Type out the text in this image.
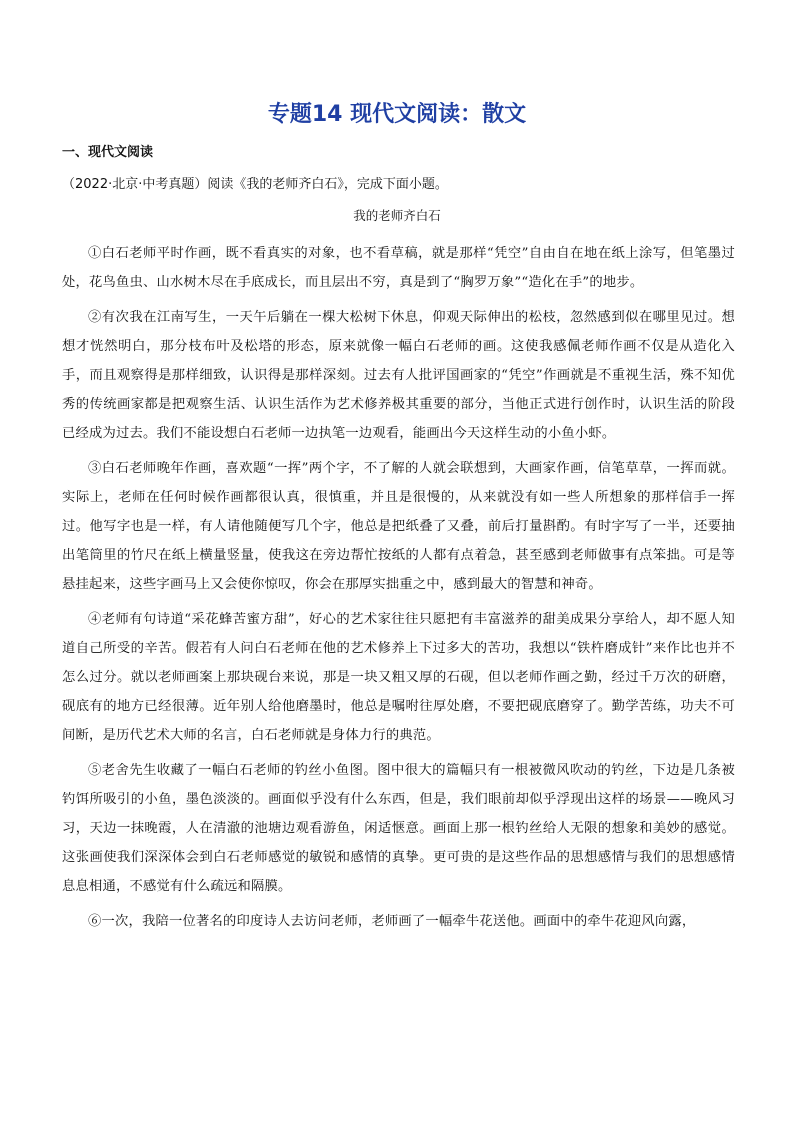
专题14 现代文阅读：散文
一、现代文阅读
（2022·北京·中考真题）阅读《我的老师齐白石》，完成下面小题。
我的老师齐白石

①白石老师平时作画，既不看真实的对象，也不看草稿，就是那样“凭空”自由自在地在纸上涂写，但笔墨过处，花鸟鱼虫、山水树木尽在手底成长，而且层出不穷，真是到了“胸罗万象”“造化在手”的地步。

②有次我在江南写生，一天午后躺在一棵大松树下休息，仰观天际伸出的松枝，忽然感到似在哪里见过。想想才恍然明白，那分枝布叶及松塔的形态，原来就像一幅白石老师的画。这使我感佩老师作画不仅是从造化入手，而且观察得是那样细致，认识得是那样深刻。过去有人批评国画家的“凭空”作画就是不重视生活，殊不知优秀的传统画家都是把观察生活、认识生活作为艺术修养极其重要的部分，当他正式进行创作时，认识生活的阶段已经成为过去。我们不能设想白石老师一边执笔一边观看，能画出今天这样生动的小鱼小虾。

③白石老师晚年作画，喜欢题“一挥”两个字，不了解的人就会联想到，大画家作画，信笔草草，一挥而就。实际上，老师在任何时候作画都很认真，很慎重，并且是很慢的，从来就没有如一些人所想象的那样信手一挥过。他写字也是一样，有人请他随便写几个字，他总是把纸叠了又叠，前后打量斟酌。有时字写了一半，还要抽出笔筒里的竹尺在纸上横量竖量，使我这在旁边帮忙按纸的人都有点着急，甚至感到老师做事有点笨拙。可是等悬挂起来，这些字画马上又会使你惊叹，你会在那厚实拙重之中，感到最大的智慧和神奇。

④老师有句诗道“采花蜂苦蜜方甜”，好心的艺术家往往只愿把有丰富滋养的甜美成果分享给人，却不愿人知道自己所受的辛苦。假若有人问白石老师在他的艺术修养上下过多大的苦功，我想以“铁杵磨成针”来作比也并不怎么过分。就以老师画案上那块砚台来说，那是一块又粗又厚的石砚，但以老师作画之勤，经过千万次的研磨，砚底有的地方已经很薄。近年别人给他磨墨时，他总是嘱咐往厚处磨，不要把砚底磨穿了。勤学苦练，功夫不可间断，是历代艺术大师的名言，白石老师就是身体力行的典范。

⑤老舍先生收藏了一幅白石老师的钓丝小鱼图。图中很大的篇幅只有一根被微风吹动的钓丝，下边是几条被钓饵所吸引的小鱼，墨色淡淡的。画面似乎没有什么东西，但是，我们眼前却似乎浮现出这样的场景——晚风习习，天边一抹晚霞，人在清澈的池塘边观看游鱼，闲适惬意。画面上那一根钓丝给人无限的想象和美妙的感觉。这张画使我们深深体会到白石老师感觉的敏锐和感情的真挚。更可贵的是这些作品的思想感情与我们的思想感情息息相通，不感觉有什么疏远和隔膜。

⑥一次，我陪一位著名的印度诗人去访问老师，老师画了一幅牵牛花送他。画面中的牵牛花迎风向露，
